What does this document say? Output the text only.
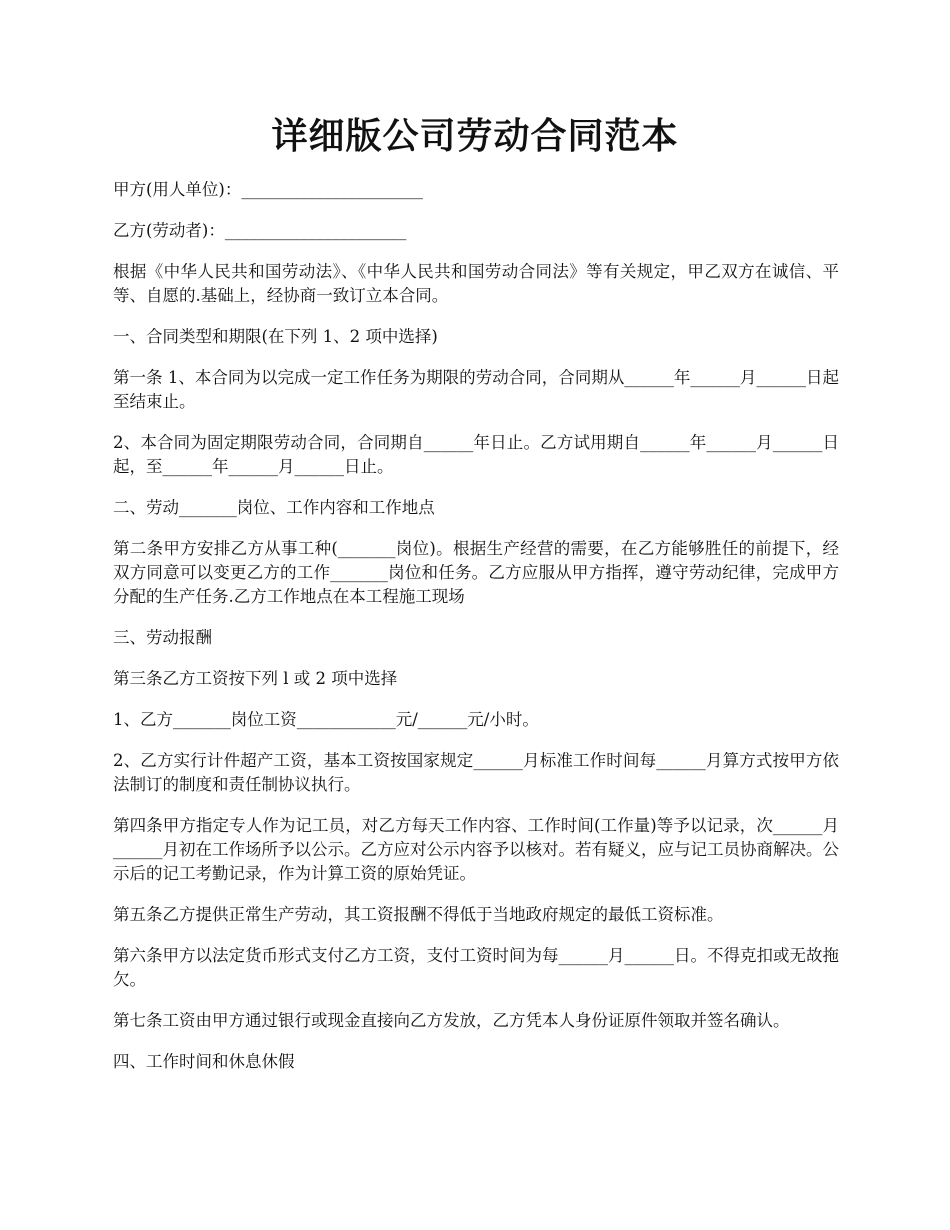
详细版公司劳动合同范本

甲方(用人单位)：______________________

乙方(劳动者)：______________________

根据《中华人民共和国劳动法》、《中华人民共和国劳动合同法》等有关规定，甲乙双方在诚信、平等、自愿的.基础上，经协商一致订立本合同。

一、合同类型和期限(在下列 1、2 项中选择)

第一条 1、本合同为以完成一定工作任务为期限的劳动合同，合同期从______年______月______日起至结束止。

2、本合同为固定期限劳动合同，合同期自______年日止。乙方试用期自______年______月______日起，至______年______月______日止。

二、劳动_______岗位、工作内容和工作地点

第二条甲方安排乙方从事工种(_______岗位)。根据生产经营的需要，在乙方能够胜任的前提下，经双方同意可以变更乙方的工作_______岗位和任务。乙方应服从甲方指挥，遵守劳动纪律，完成甲方分配的生产任务.乙方工作地点在本工程施工现场

三、劳动报酬

第三条乙方工资按下列 l 或 2 项中选择

1、乙方_______岗位工资____________元/______元/小时。

2、乙方实行计件超产工资，基本工资按国家规定______月标准工作时间每______月算方式按甲方依法制订的制度和责任制协议执行。

第四条甲方指定专人作为记工员，对乙方每天工作内容、工作时间(工作量)等予以记录，次______月______月初在工作场所予以公示。乙方应对公示内容予以核对。若有疑义，应与记工员协商解决。公示后的记工考勤记录，作为计算工资的原始凭证。

第五条乙方提供正常生产劳动，其工资报酬不得低于当地政府规定的最低工资标准。

第六条甲方以法定货币形式支付乙方工资，支付工资时间为每______月______日。不得克扣或无故拖欠。

第七条工资由甲方通过银行或现金直接向乙方发放，乙方凭本人身份证原件领取并签名确认。

四、工作时间和休息休假
